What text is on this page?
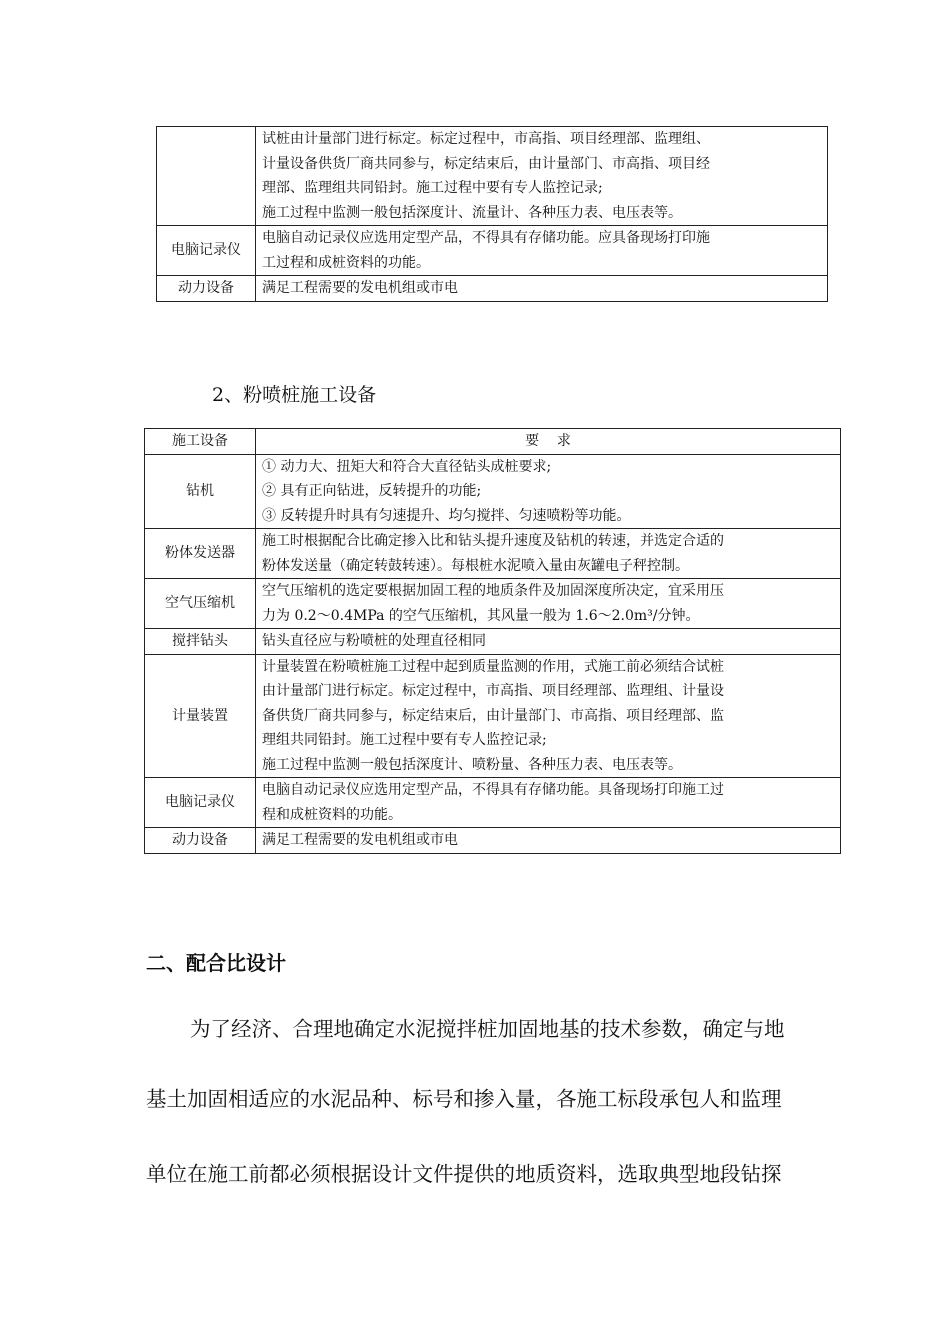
	试桩由计量部门进行标定。标定过程中，市高指、项目经理部、监理组、
计量设备供货厂商共同参与，标定结束后，由计量部门、市高指、项目经
理部、监理组共同铅封。施工过程中要有专人监控记录;
施工过程中监测一般包括深度计、流量计、各种压力表、电压表等。

电脑记录仪	电脑自动记录仪应选用定型产品，不得具有存储功能。应具备现场打印施
工过程和成桩资料的功能。

动力设备	满足工程需要的发电机组或市电
2、粉喷桩施工设备
施工设备	要    求
钻机	① 动力大、扭矩大和符合大直径钻头成桩要求;
② 具有正向钻进，反转提升的功能;
③ 反转提升时具有匀速提升、均匀搅拌、匀速喷粉等功能。

粉体发送器	施工时根据配合比确定掺入比和钻头提升速度及钻机的转速，并选定合适的
粉体发送量（确定转鼓转速）。每根桩水泥喷入量由灰罐电子秤控制。

空气压缩机	空气压缩机的选定要根据加固工程的地质条件及加固深度所决定，宜采用压
力为 0.2～0.4MPa 的空气压缩机，其风量一般为 1.6～2.0m³/分钟。

搅拌钻头	钻头直径应与粉喷桩的处理直径相同

计量装置	计量装置在粉喷桩施工过程中起到质量监测的作用，式施工前必须结合试桩
由计量部门进行标定。标定过程中，市高指、项目经理部、监理组、计量设
备供货厂商共同参与，标定结束后，由计量部门、市高指、项目经理部、监
理组共同铅封。施工过程中要有专人监控记录;
施工过程中监测一般包括深度计、喷粉量、各种压力表、电压表等。

电脑记录仪	电脑自动记录仪应选用定型产品，不得具有存储功能。具备现场打印施工过
程和成桩资料的功能。

动力设备	满足工程需要的发电机组或市电
二、配合比设计
为了经济、合理地确定水泥搅拌桩加固地基的技术参数，确定与地
基土加固相适应的水泥品种、标号和掺入量，各施工标段承包人和监理
单位在施工前都必须根据设计文件提供的地质资料，选取典型地段钻探
